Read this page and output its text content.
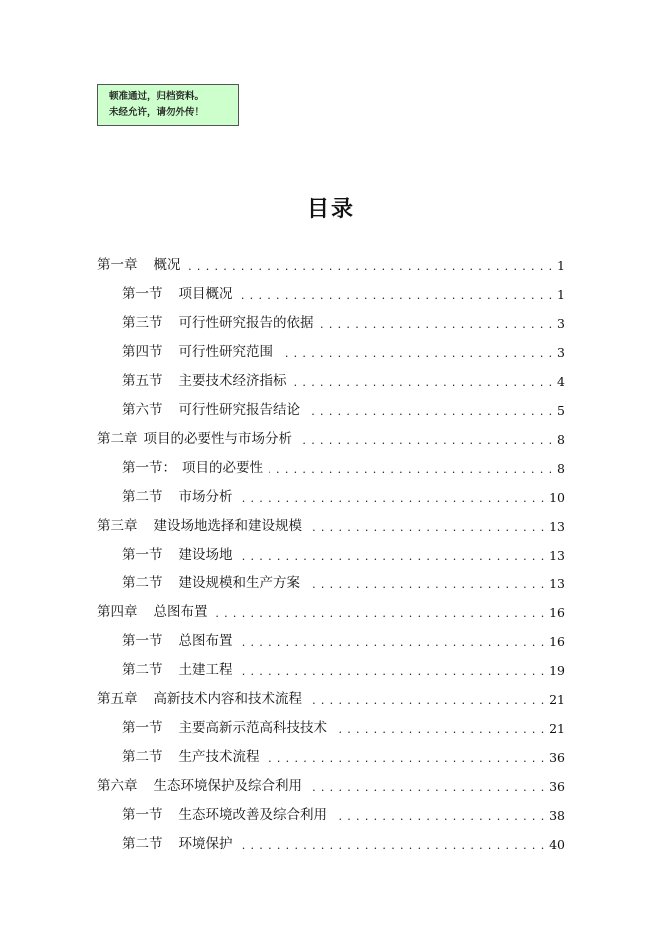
顿准通过，归档资料。
未经允许，请勿外传！
目录
第一章 概况 . . .	1
第一节 项目概况 . . .	1
第三节 可行性研究报告的依据 . . .	3
第四节 可行性研究范围 . . .	3
第五节 主要技术经济指标 . . .	4
第六节 可行性研究报告结论 . . .	5
第二章 项目的必要性与市场分析 . . .	8
第一节： 项目的必要性 . . .	8
第二节 市场分析 . . .	10
第三章 建设场地选择和建设规模 . . .	13
第一节 建设场地 . . .	13
第二节 建设规模和生产方案 . . .	13
第四章 总图布置 . . .	16
第一节 总图布置 . . .	16
第二节 土建工程 . . .	19
第五章 高新技术内容和技术流程 . . .	21
第一节 主要高新示范高科技技术 . . .	21
第二节 生产技术流程 . . .	36
第六章 生态环境保护及综合利用 . . .	36
第一节 生态环境改善及综合利用 . . .	38
第二节 环境保护 . . .	40
